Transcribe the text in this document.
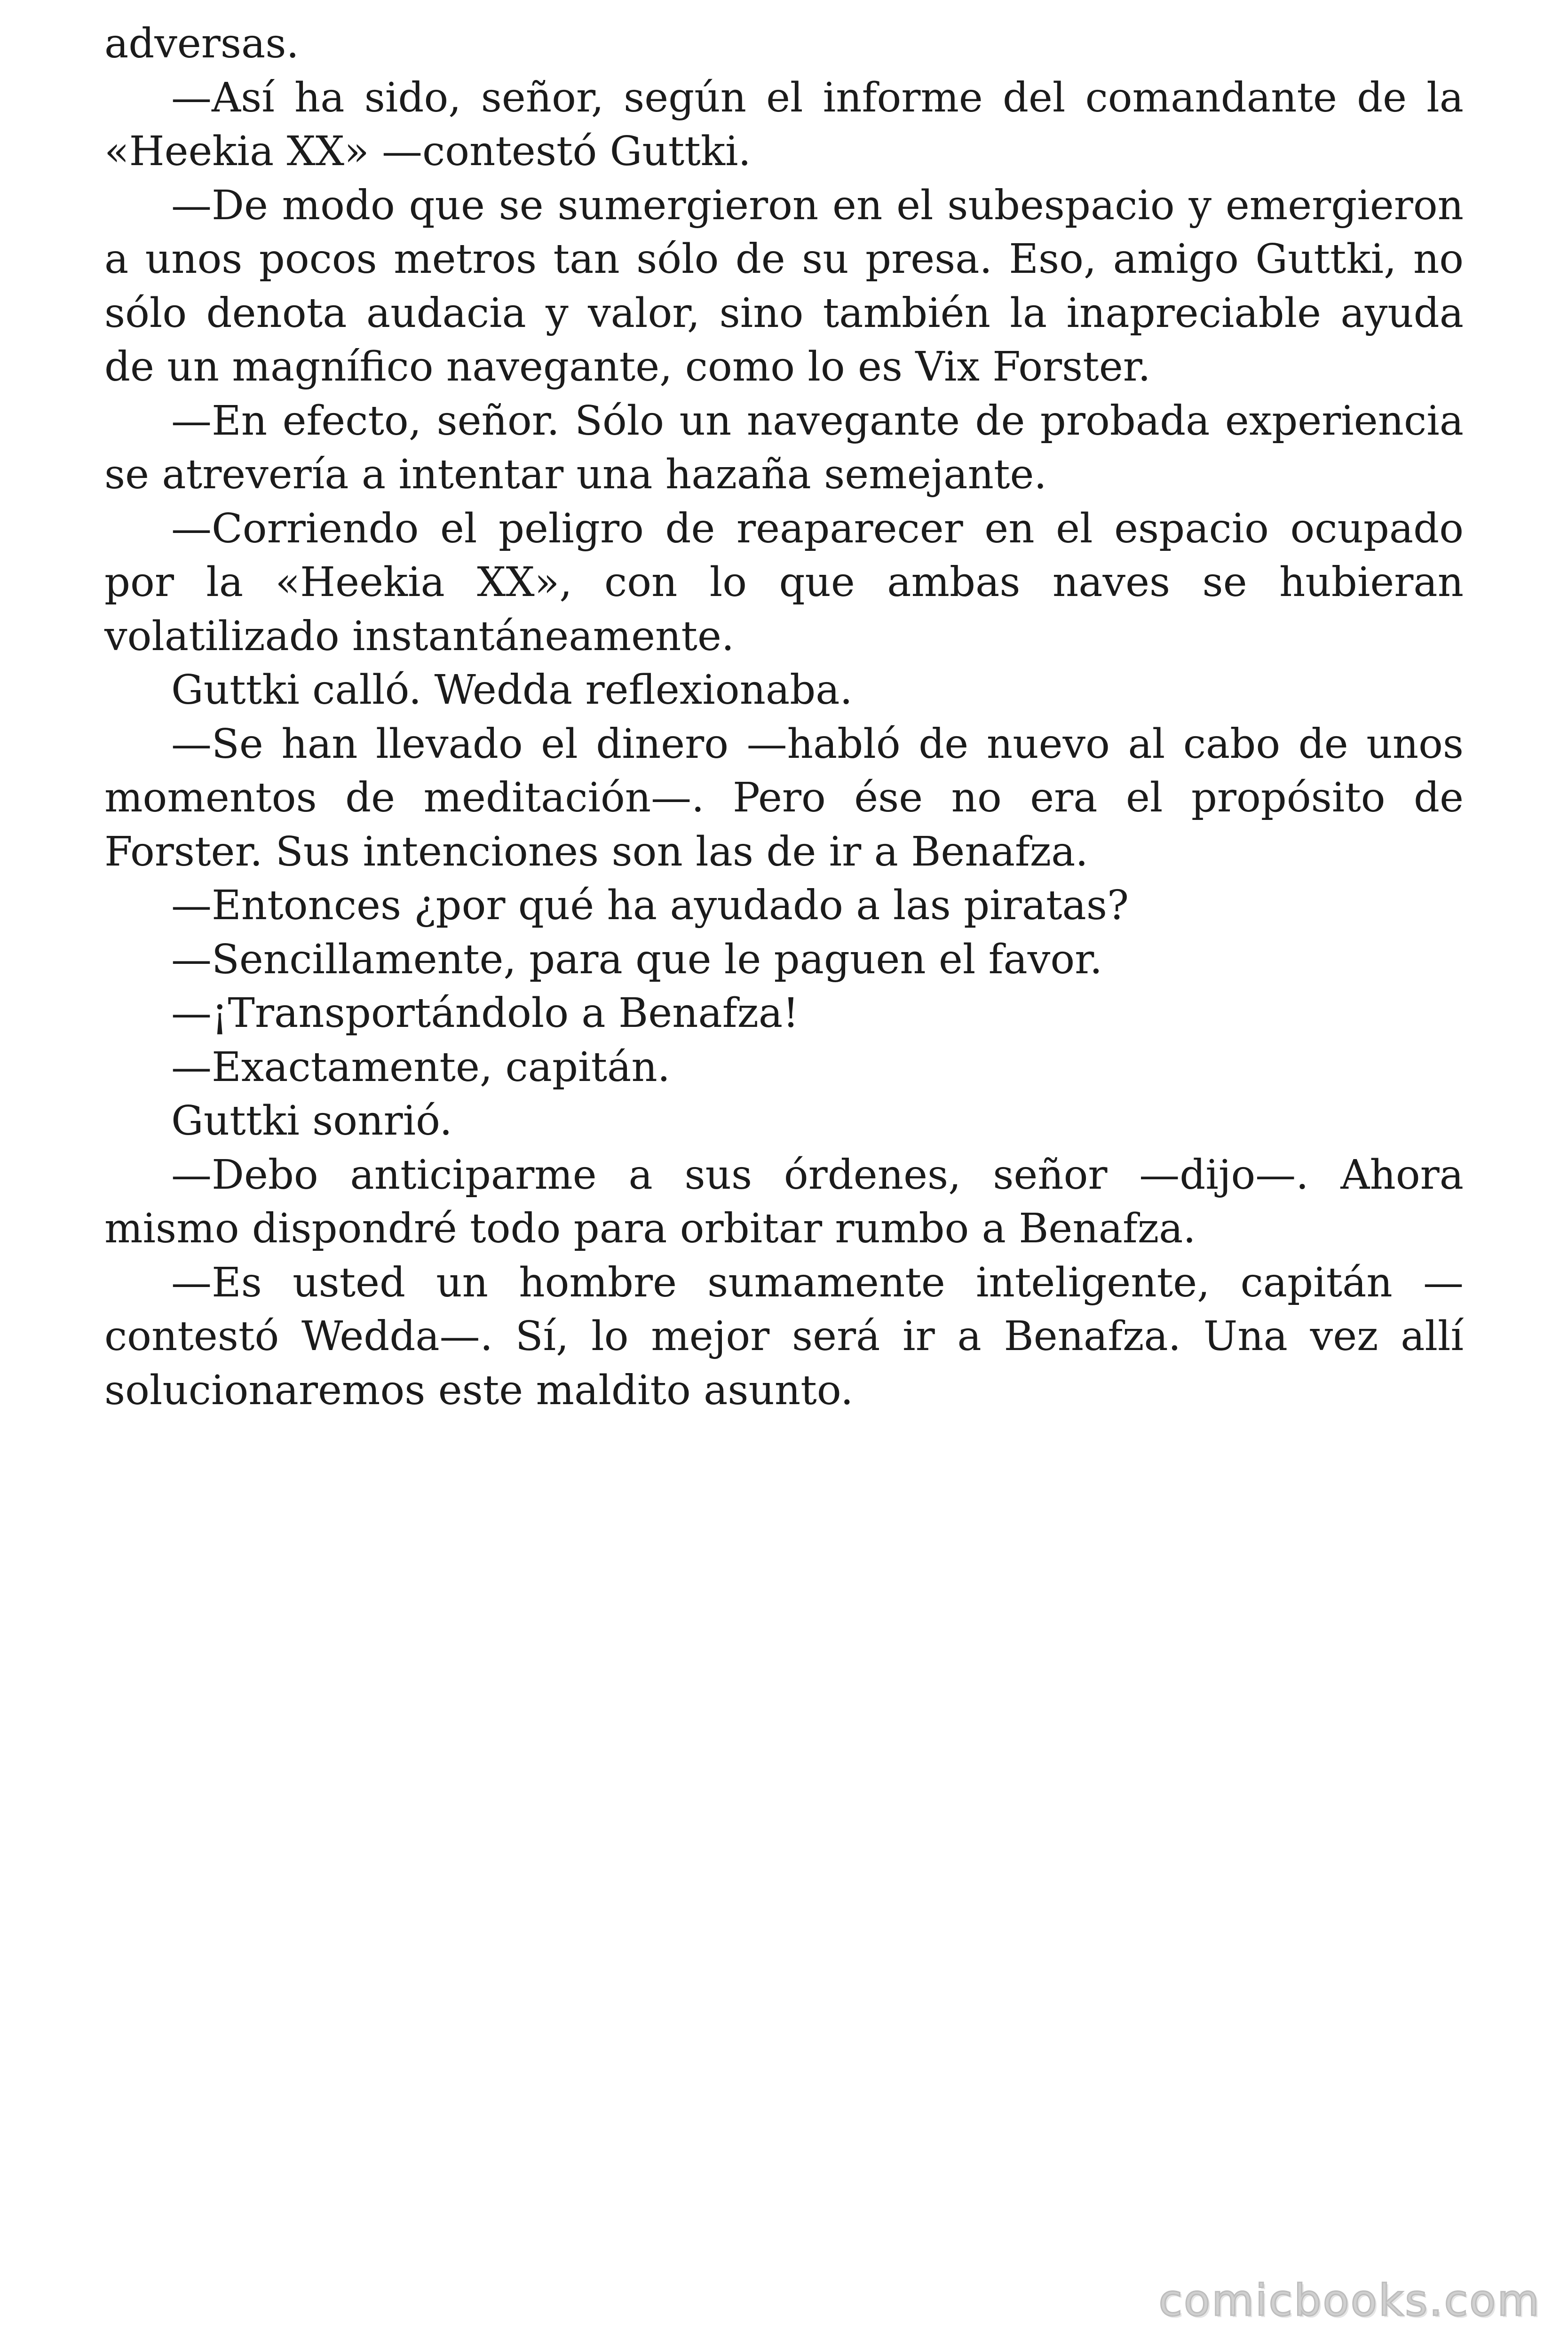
adversas.

—Así ha sido, señor, según el informe del comandante de la «Heekia XX» —contestó Guttki.

—De modo que se sumergieron en el subespacio y emergieron a unos pocos metros tan sólo de su presa. Eso, amigo Guttki, no sólo denota audacia y valor, sino también la inapreciable ayuda de un magnífico navegante, como lo es Vix Forster.

—En efecto, señor. Sólo un navegante de probada experiencia se atrevería a intentar una hazaña semejante.

—Corriendo el peligro de reaparecer en el espacio ocupado por la «Heekia XX», con lo que ambas naves se hubieran volatilizado instantáneamente.

Guttki calló. Wedda reflexionaba.

—Se han llevado el dinero —habló de nuevo al cabo de unos momentos de meditación—. Pero ése no era el propósito de Forster. Sus intenciones son las de ir a Benafza.

—Entonces ¿por qué ha ayudado a las piratas?

—Sencillamente, para que le paguen el favor.

—¡Transportándolo a Benafza!

—Exactamente, capitán.

Guttki sonrió.

—Debo anticiparme a sus órdenes, señor —dijo—. Ahora mismo dispondré todo para orbitar rumbo a Benafza.

—Es usted un hombre sumamente inteligente, capitán —contestó Wedda—. Sí, lo mejor será ir a Benafza. Una vez allí solucionaremos este maldito asunto.

comicbooks.com
